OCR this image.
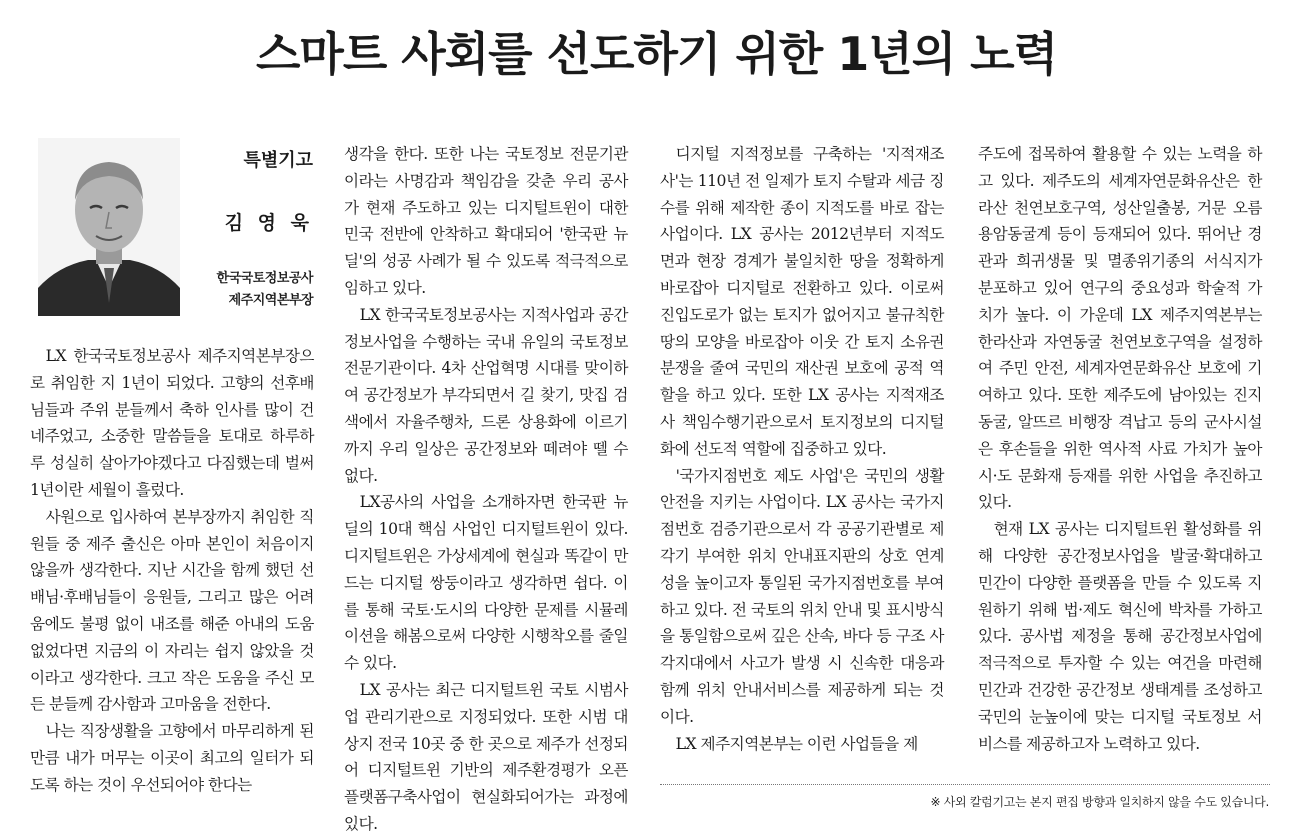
스마트 사회를 선도하기 위한 1년의 노력
특별기고
김 영 욱
한국국토정보공사
제주지역본부장

LX 한국국토정보공사 제주지역본부장으로 취임한 지 1년이 되었다. 고향의 선후배님들과 주위 분들께서 축하 인사를 많이 건네주었고, 소중한 말씀들을 토대로 하루하루 성실히 살아가야겠다고 다짐했는데 벌써 1년이란 세월이 흘렀다.

사원으로 입사하여 본부장까지 취임한 직원들 중 제주 출신은 아마 본인이 처음이지 않을까 생각한다. 지난 시간을 함께 했던 선배님·후배님들이 응원들, 그리고 많은 어려움에도 불평 없이 내조를 해준 아내의 도움 없었다면 지금의 이 자리는 쉽지 않았을 것이라고 생각한다. 크고 작은 도움을 주신 모든 분들께 감사함과 고마움을 전한다.

나는 직장생활을 고향에서 마무리하게 된 만큼 내가 머무는 이곳이 최고의 일터가 되도록 하는 것이 우선되어야 한다는

생각을 한다. 또한 나는 국토정보 전문기관이라는 사명감과 책임감을 갖춘 우리 공사가 현재 주도하고 있는 디지털트윈이 대한민국 전반에 안착하고 확대되어 '한국판 뉴딜'의 성공 사례가 될 수 있도록 적극적으로 임하고 있다.

LX 한국국토정보공사는 지적사업과 공간정보사업을 수행하는 국내 유일의 국토정보 전문기관이다. 4차 산업혁명 시대를 맞이하여 공간정보가 부각되면서 길 찾기, 맛집 검색에서 자율주행차, 드론 상용화에 이르기까지 우리 일상은 공간정보와 떼려야 뗄 수 없다.

LX공사의 사업을 소개하자면 한국판 뉴딜의 10대 핵심 사업인 디지털트윈이 있다. 디지털트윈은 가상세계에 현실과 똑같이 만드는 디지털 쌍둥이라고 생각하면 쉽다. 이를 통해 국토·도시의 다양한 문제를 시뮬레이션을 해봄으로써 다양한 시행착오를 줄일 수 있다.

LX 공사는 최근 디지털트윈 국토 시범사업 관리기관으로 지정되었다. 또한 시범 대상지 전국 10곳 중 한 곳으로 제주가 선정되어 디지털트윈 기반의 제주환경평가 오픈 플랫폼구축사업이 현실화되어가는 과정에 있다.

디지털 지적정보를 구축하는 '지적재조사'는 110년 전 일제가 토지 수탈과 세금 징수를 위해 제작한 종이 지적도를 바로 잡는 사업이다. LX 공사는 2012년부터 지적도면과 현장 경계가 불일치한 땅을 정확하게 바로잡아 디지털로 전환하고 있다. 이로써 진입도로가 없는 토지가 없어지고 불규칙한 땅의 모양을 바로잡아 이웃 간 토지 소유권 분쟁을 줄여 국민의 재산권 보호에 공적 역할을 하고 있다. 또한 LX 공사는 지적재조사 책임수행기관으로서 토지정보의 디지털화에 선도적 역할에 집중하고 있다.

'국가지점번호 제도 사업'은 국민의 생활 안전을 지키는 사업이다. LX 공사는 국가지점번호 검증기관으로서 각 공공기관별로 제각기 부여한 위치 안내표지판의 상호 연계성을 높이고자 통일된 국가지점번호를 부여하고 있다. 전 국토의 위치 안내 및 표시방식을 통일함으로써 깊은 산속, 바다 등 구조 사각지대에서 사고가 발생 시 신속한 대응과 함께 위치 안내서비스를 제공하게 되는 것이다.

LX 제주지역본부는 이런 사업들을 제

주도에 접목하여 활용할 수 있는 노력을 하고 있다. 제주도의 세계자연문화유산은 한라산 천연보호구역, 성산일출봉, 거문 오름 용암동굴계 등이 등재되어 있다. 뛰어난 경관과 희귀생물 및 멸종위기종의 서식지가 분포하고 있어 연구의 중요성과 학술적 가치가 높다. 이 가운데 LX 제주지역본부는 한라산과 자연동굴 천연보호구역을 설정하여 주민 안전, 세계자연문화유산 보호에 기여하고 있다. 또한 제주도에 남아있는 진지동굴, 알뜨르 비행장 격납고 등의 군사시설은 후손들을 위한 역사적 사료 가치가 높아 시·도 문화재 등재를 위한 사업을 추진하고 있다.

현재 LX 공사는 디지털트윈 활성화를 위해 다양한 공간정보사업을 발굴·확대하고 민간이 다양한 플랫폼을 만들 수 있도록 지원하기 위해 법·제도 혁신에 박차를 가하고 있다. 공사법 제정을 통해 공간정보사업에 적극적으로 투자할 수 있는 여건을 마련해 민간과 건강한 공간정보 생태계를 조성하고 국민의 눈높이에 맞는 디지털 국토정보 서비스를 제공하고자 노력하고 있다.

※ 사외 칼럼기고는 본지 편집 방향과 일치하지 않을 수도 있습니다.
